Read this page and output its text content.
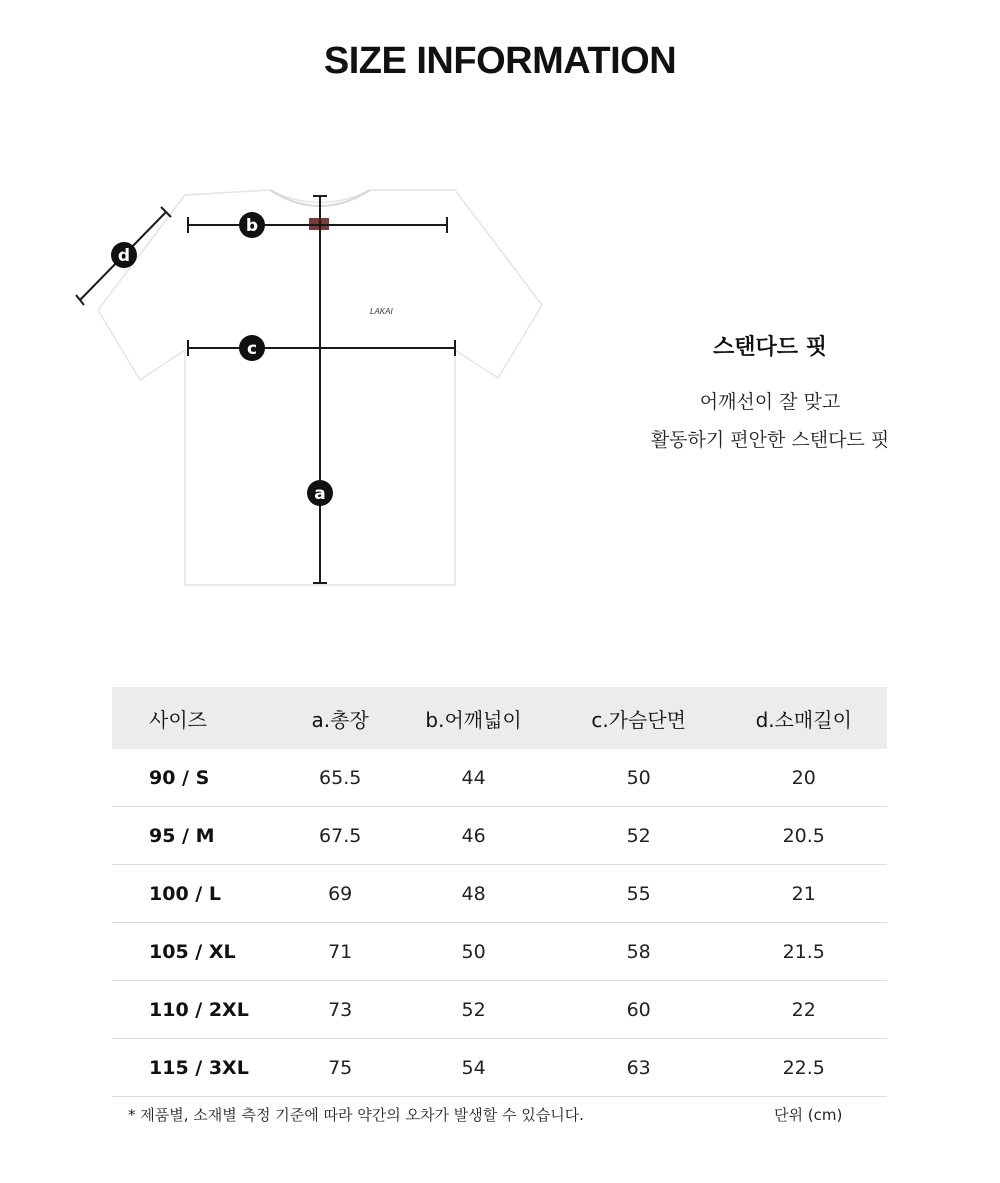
SIZE INFORMATION
LAKAI
b
c
a
d
스탠다드 핏
어깨선이 잘 맞고
활동하기 편안한 스탠다드 핏
사이즈	a.총장	b.어깨넓이	c.가슴단면	d.소매길이
90 / S	65.5	44	50	20
95 / M	67.5	46	52	20.5
100 / L	69	48	55	21
105 / XL	71	50	58	21.5
110 / 2XL	73	52	60	22
115 / 3XL	75	54	63	22.5
* 제품별, 소재별 측정 기준에 따라 약간의 오차가 발생할 수 있습니다.	단위 (cm)
